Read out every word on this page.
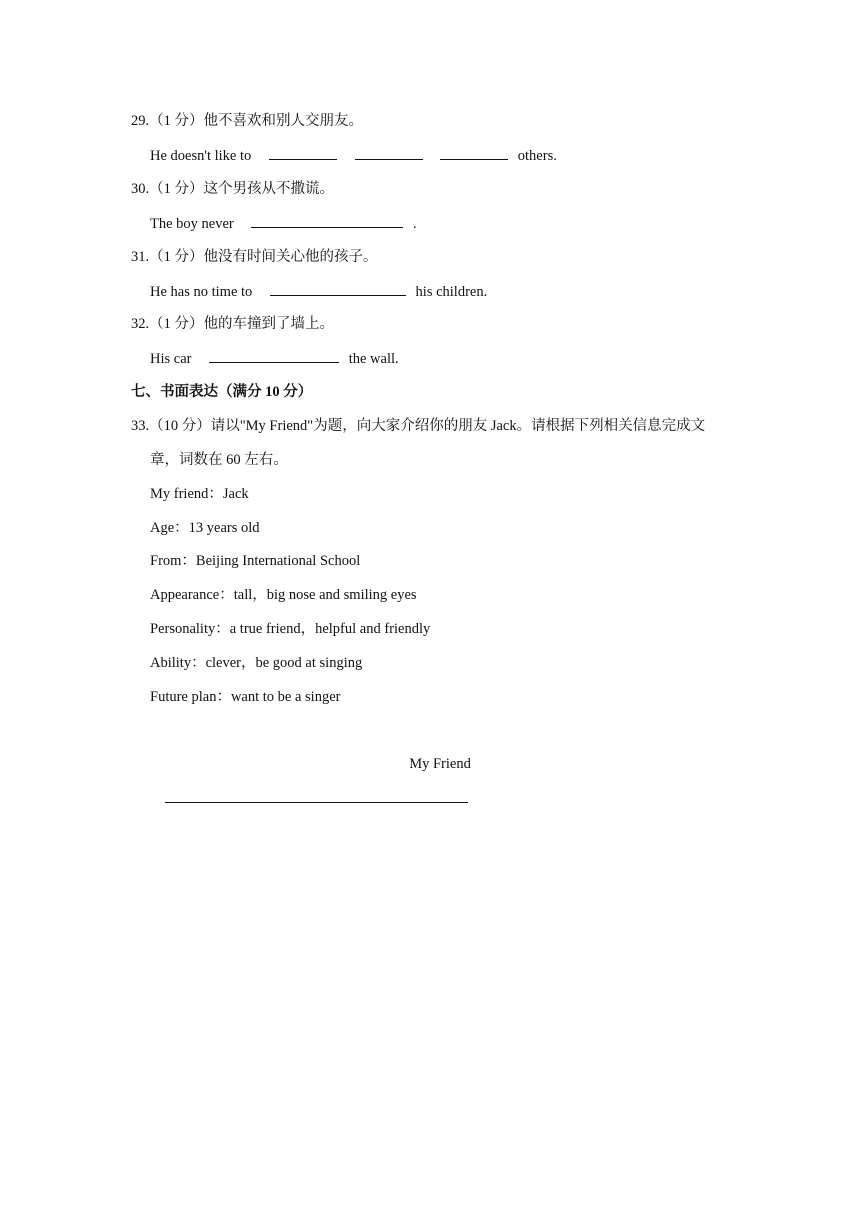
29.（1 分）他不喜欢和别人交朋友。
He doesn't like to	others.
30.（1 分）这个男孩从不撒谎。
The boy never	.
31.（1 分）他没有时间关心他的孩子。
He has no time to	his children.
32.（1 分）他的车撞到了墙上。
His car	the wall.
七、书面表达（满分 10 分）
33.（10 分）请以"My Friend"为题，向大家介绍你的朋友 Jack。请根据下列相关信息完成文
章，词数在 60 左右。
My friend：Jack
Age：13 years old
From：Beijing International School
Appearance：tall，big nose and smiling eyes
Personality：a true friend，helpful and friendly
Ability：clever，be good at singing
Future plan：want to be a singer
My Friend
